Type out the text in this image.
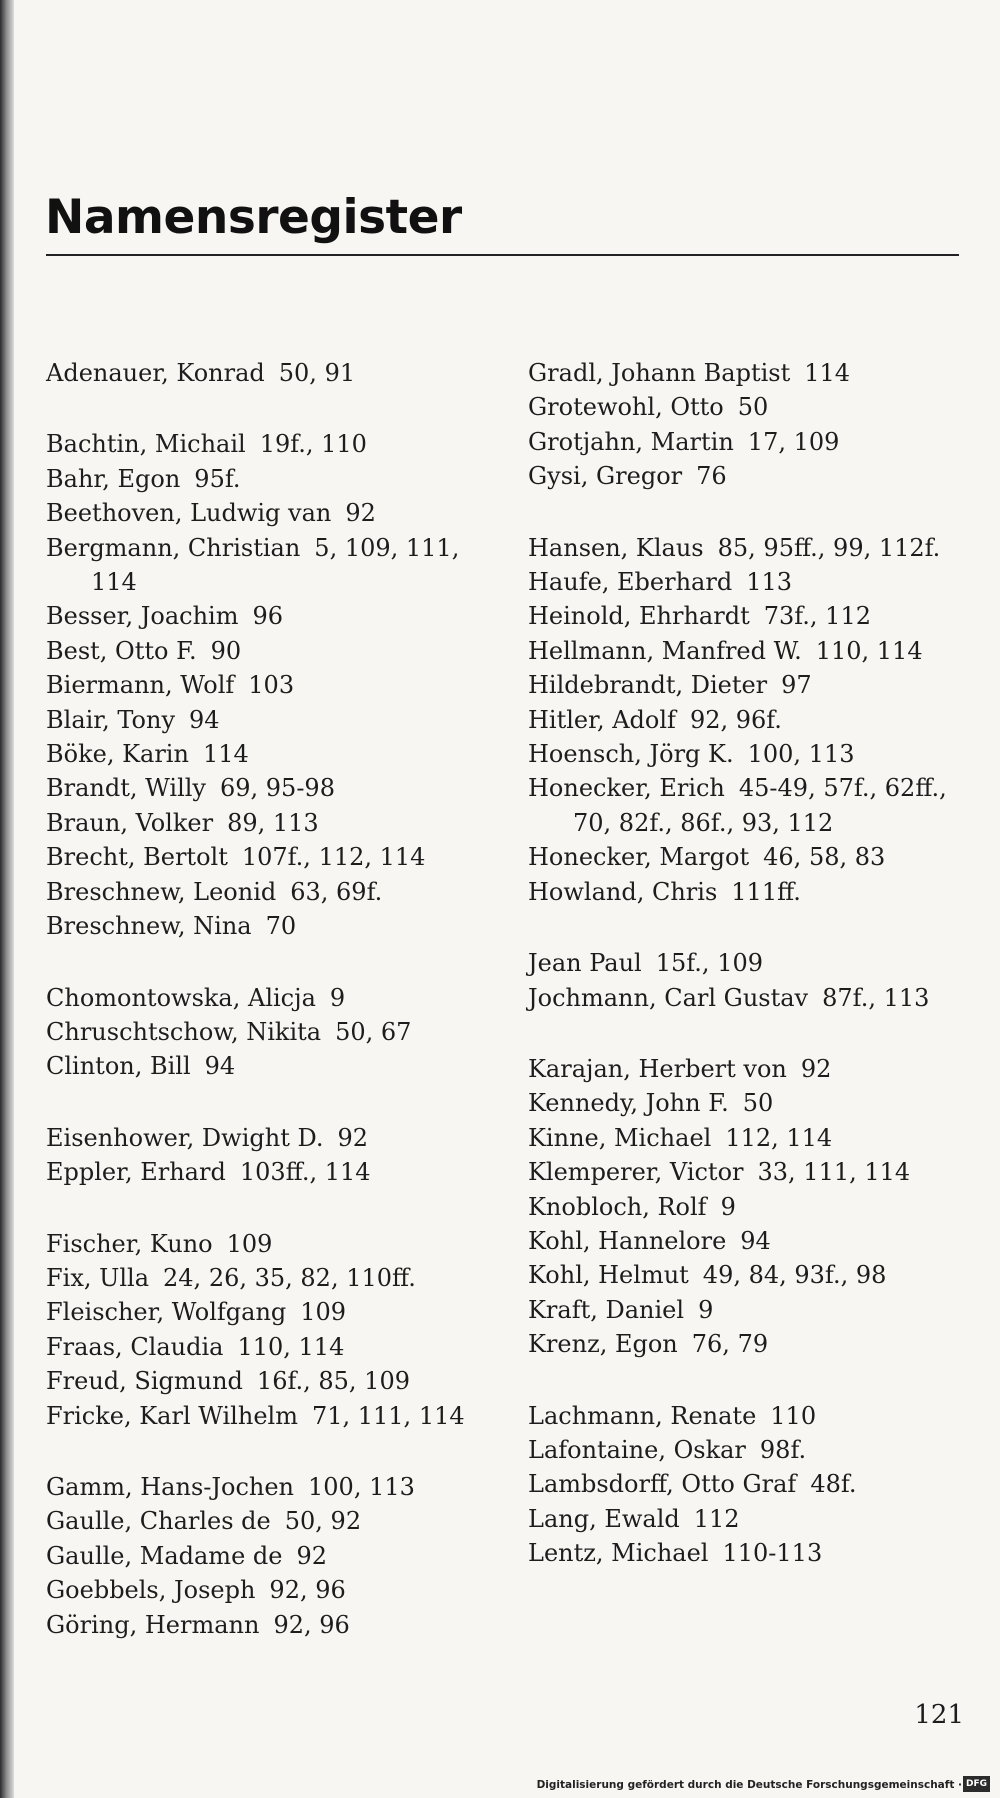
Namensregister

Adenauer, Konrad 50, 91

Bachtin, Michail 19f., 110

Bahr, Egon 95f.

Beethoven, Ludwig van 92

Bergmann, Christian 5, 109, 111, 114

Besser, Joachim 96

Best, Otto F. 90

Biermann, Wolf 103

Blair, Tony 94

Böke, Karin 114

Brandt, Willy 69, 95-98

Braun, Volker 89, 113

Brecht, Bertolt 107f., 112, 114

Breschnew, Leonid 63, 69f.

Breschnew, Nina 70

Chomontowska, Alicja 9

Chruschtschow, Nikita 50, 67

Clinton, Bill 94

Eisenhower, Dwight D. 92

Eppler, Erhard 103ff., 114

Fischer, Kuno 109

Fix, Ulla 24, 26, 35, 82, 110ff.

Fleischer, Wolfgang 109

Fraas, Claudia 110, 114

Freud, Sigmund 16f., 85, 109

Fricke, Karl Wilhelm 71, 111, 114

Gamm, Hans-Jochen 100, 113

Gaulle, Charles de 50, 92

Gaulle, Madame de 92

Goebbels, Joseph 92, 96

Göring, Hermann 92, 96

Gradl, Johann Baptist 114

Grotewohl, Otto 50

Grotjahn, Martin 17, 109

Gysi, Gregor 76

Hansen, Klaus 85, 95ff., 99, 112f.

Haufe, Eberhard 113

Heinold, Ehrhardt 73f., 112

Hellmann, Manfred W. 110, 114

Hildebrandt, Dieter 97

Hitler, Adolf 92, 96f.

Hoensch, Jörg K. 100, 113

Honecker, Erich 45-49, 57f., 62ff., 70, 82f., 86f., 93, 112

Honecker, Margot 46, 58, 83

Howland, Chris 111ff.

Jean Paul 15f., 109

Jochmann, Carl Gustav 87f., 113

Karajan, Herbert von 92

Kennedy, John F. 50

Kinne, Michael 112, 114

Klemperer, Victor 33, 111, 114

Knobloch, Rolf 9

Kohl, Hannelore 94

Kohl, Helmut 49, 84, 93f., 98

Kraft, Daniel 9

Krenz, Egon 76, 79

Lachmann, Renate 110

Lafontaine, Oskar 98f.

Lambsdorff, Otto Graf 48f.

Lang, Ewald 112

Lentz, Michael 110-113

121
Digitalisierung gefördert durch die Deutsche Forschungsgemeinschaft · DFG
